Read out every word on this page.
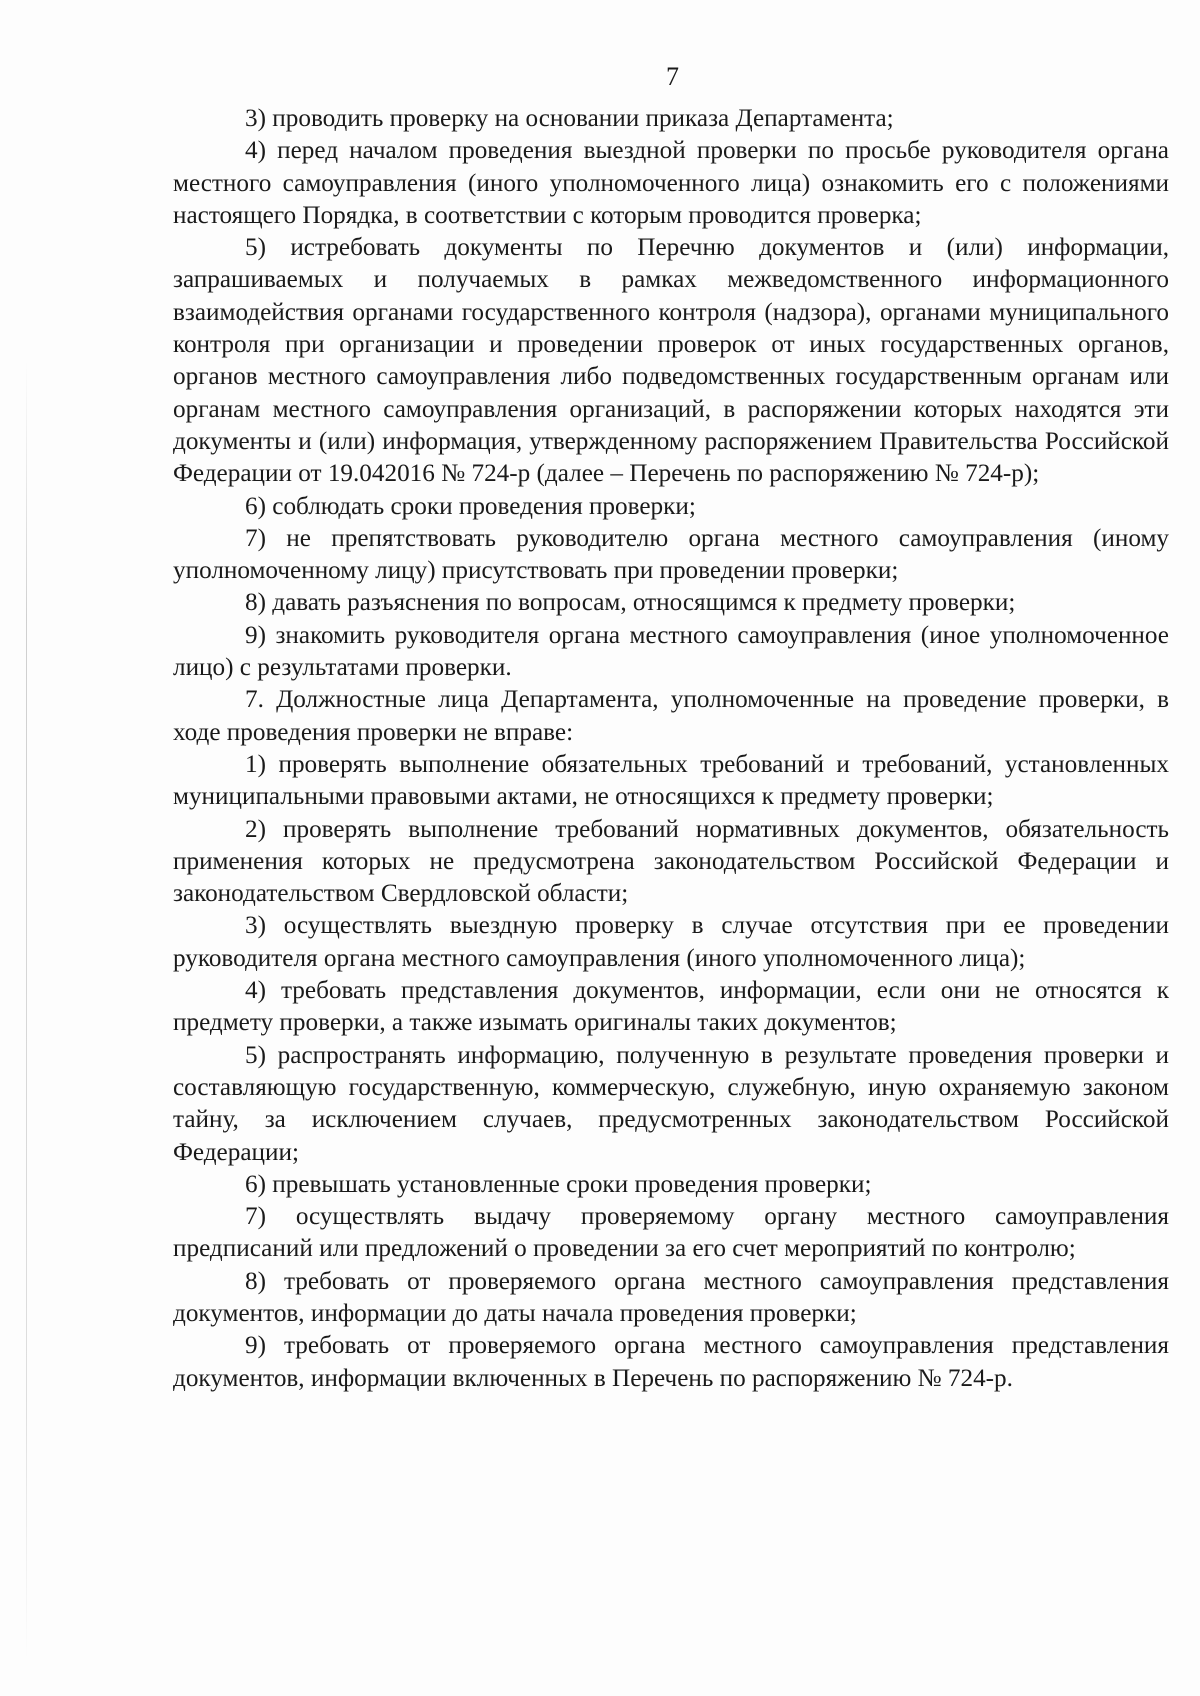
7

3) проводить проверку на основании приказа Департамента;

4) перед началом проведения выездной проверки по просьбе руководителя органа местного самоуправления (иного уполномоченного лица) ознакомить его с положениями настоящего Порядка, в соответствии с которым проводится проверка;

5) истребовать документы по Перечню документов и (или) информации, запрашиваемых и получаемых в рамках межведомственного информационного взаимодействия органами государственного контроля (надзора), органами муниципального контроля при организации и проведении проверок от иных государственных органов, органов местного самоуправления либо подведомственных государственным органам или органам местного самоуправления организаций, в распоряжении которых находятся эти документы и (или) информация, утвержденному распоряжением Правительства Российской Федерации от 19.042016 № 724-р (далее – Перечень по распоряжению № 724-р);

6) соблюдать сроки проведения проверки;

7) не препятствовать руководителю органа местного самоуправления (иному уполномоченному лицу) присутствовать при проведении проверки;

8) давать разъяснения по вопросам, относящимся к предмету проверки;

9) знакомить руководителя органа местного самоуправления (иное уполномоченное лицо) с результатами проверки.

7. Должностные лица Департамента, уполномоченные на проведение проверки, в ходе проведения проверки не вправе:

1) проверять выполнение обязательных требований и требований, установленных муниципальными правовыми актами, не относящихся к предмету проверки;

2) проверять выполнение требований нормативных документов, обязательность применения которых не предусмотрена законодательством Российской Федерации и законодательством Свердловской области;

3) осуществлять выездную проверку в случае отсутствия при ее проведении руководителя органа местного самоуправления (иного уполномоченного лица);

4) требовать представления документов, информации, если они не относятся к предмету проверки, а также изымать оригиналы таких документов;

5) распространять информацию, полученную в результате проведения проверки и составляющую государственную, коммерческую, служебную, иную охраняемую законом тайну, за исключением случаев, предусмотренных законодательством Российской Федерации;

6) превышать установленные сроки проведения проверки;

7) осуществлять выдачу проверяемому органу местного самоуправления предписаний или предложений о проведении за его счет мероприятий по контролю;

8) требовать от проверяемого органа местного самоуправления представления документов, информации до даты начала проведения проверки;

9) требовать от проверяемого органа местного самоуправления представления документов, информации включенных в Перечень по распоряжению № 724-р.
